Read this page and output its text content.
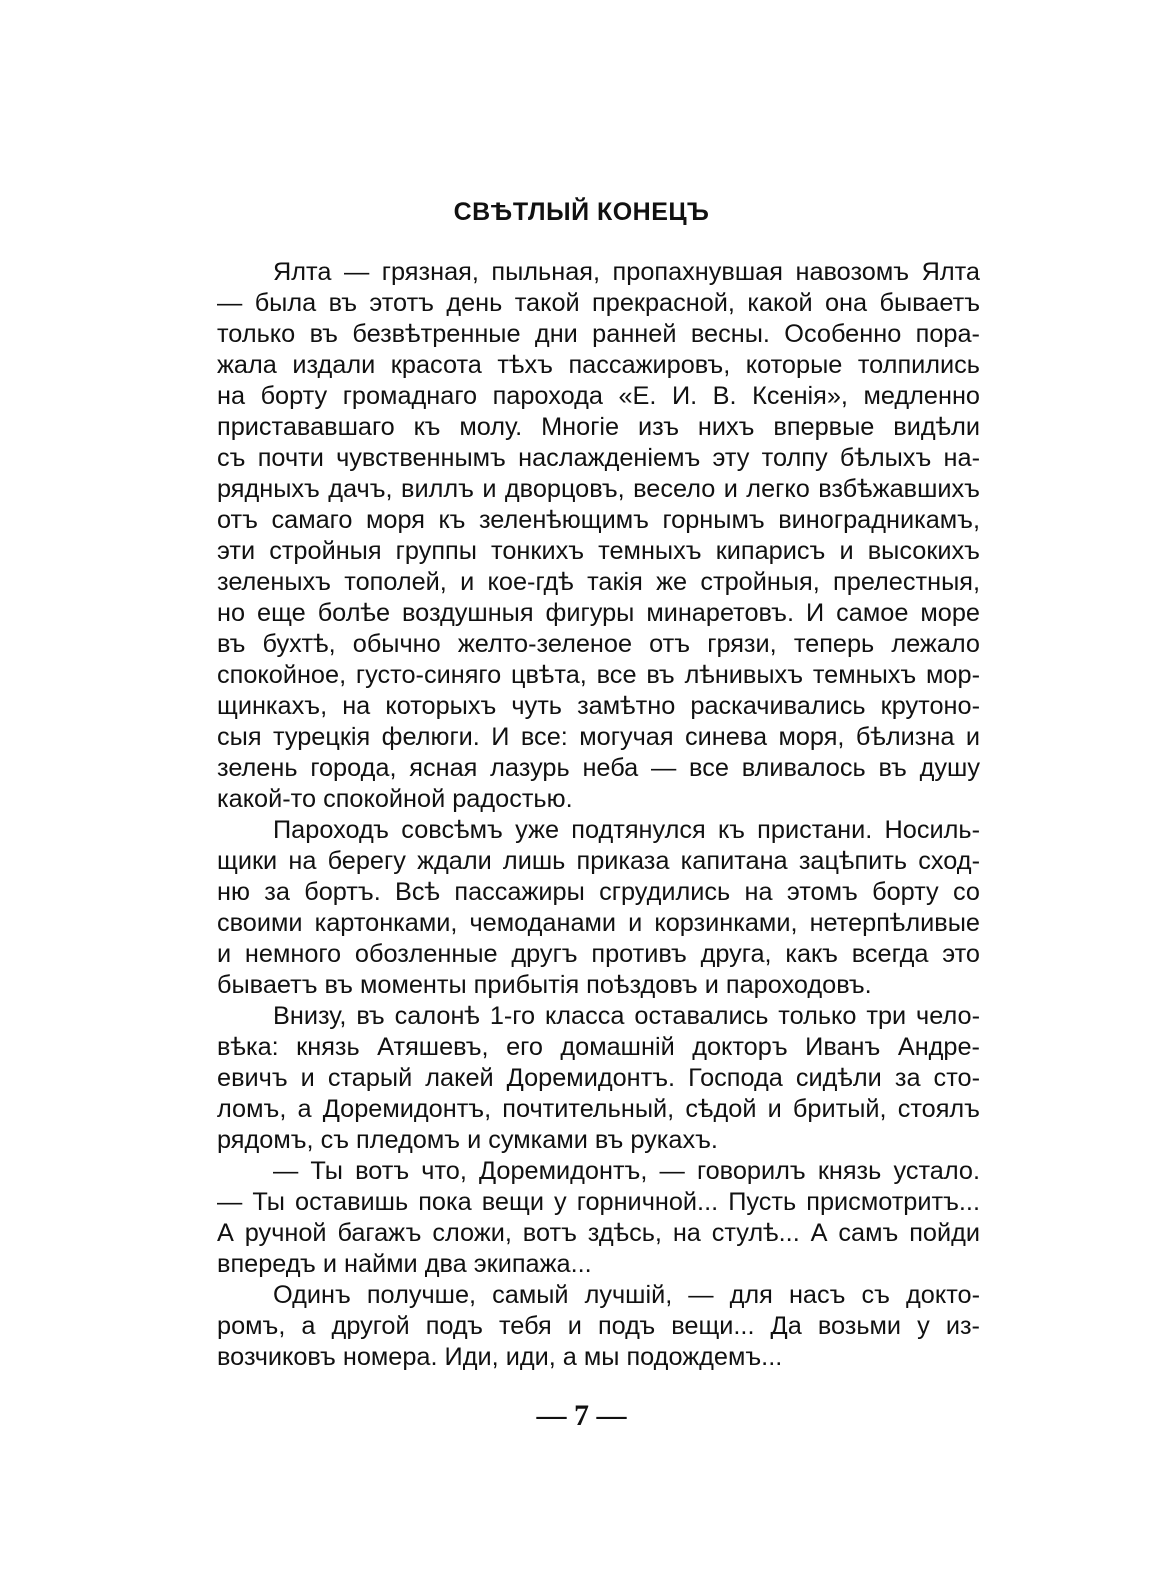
СВѢТЛЫЙ КОНЕЦЪ
Ялта — грязная, пыльная, пропахнувшая навозомъ Ялта
— была въ этотъ день такой прекрасной, какой она бываетъ
только въ безвѣтренные дни ранней весны. Особенно пора-
жала издали красота тѣхъ пассажировъ, которые толпились
на борту громаднаго парохода «Е. И. В. Ксенія», медленно
пристававшаго къ молу. Многіе изъ нихъ впервые видѣли
съ почти чувственнымъ наслажденіемъ эту толпу бѣлыхъ на-
рядныхъ дачъ, виллъ и дворцовъ, весело и легко взбѣжавшихъ
отъ самаго моря къ зеленѣющимъ горнымъ виноградникамъ,
эти стройныя группы тонкихъ темныхъ кипарисъ и высокихъ
зеленыхъ тополей, и кое-гдѣ такія же стройныя, прелестныя,
но еще болѣе воздушныя фигуры минаретовъ. И самое море
въ бухтѣ, обычно желто-зеленое отъ грязи, теперь лежало
спокойное, густо-синяго цвѣта, все въ лѣнивыхъ темныхъ мор-
щинкахъ, на которыхъ чуть замѣтно раскачивались крутоно-
сыя турецкія фелюги. И все: могучая синева моря, бѣлизна и
зелень города, ясная лазурь неба — все вливалось въ душу
какой-то спокойной радостью.
Пароходъ совсѣмъ уже подтянулся къ пристани. Носиль-
щики на берегу ждали лишь приказа капитана зацѣпить сход-
ню за бортъ. Всѣ пассажиры сгрудились на этомъ борту со
своими картонками, чемоданами и корзинками, нетерпѣливые
и немного обозленные другъ противъ друга, какъ всегда это
бываетъ въ моменты прибытія поѣздовъ и пароходовъ.
Внизу, въ салонѣ 1-го класса оставались только три чело-
вѣка: князь Атяшевъ, его домашній докторъ Иванъ Андре-
евичъ и старый лакей Доремидонтъ. Господа сидѣли за сто-
ломъ, а Доремидонтъ, почтительный, сѣдой и бритый, стоялъ
рядомъ, съ пледомъ и сумками въ рукахъ.
— Ты вотъ что, Доремидонтъ, — говорилъ князь устало.
— Ты оставишь пока вещи у горничной... Пусть присмотритъ...
А ручной багажъ сложи, вотъ здѣсь, на стулѣ... А самъ пойди
впередъ и найми два экипажа...
Одинъ получше, самый лучшій, — для насъ съ докто-
ромъ, а другой подъ тебя и подъ вещи... Да возьми у из-
возчиковъ номера. Иди, иди, а мы подождемъ...
— 7 —
